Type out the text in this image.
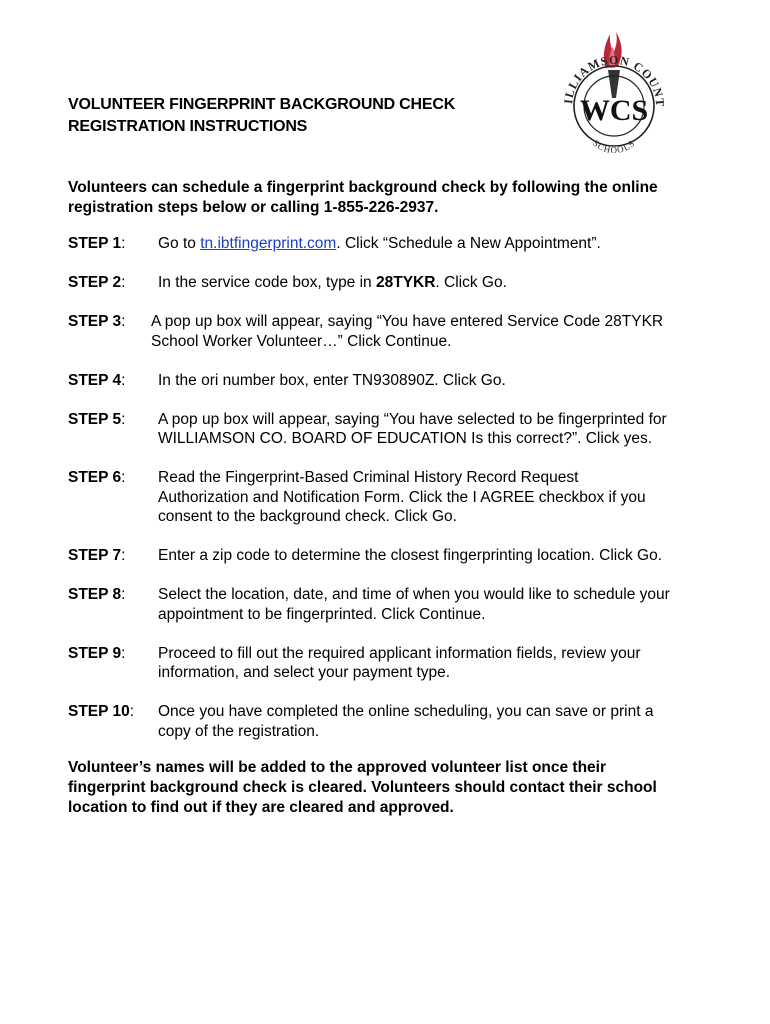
VOLUNTEER FINGERPRINT BACKGROUND CHECK
REGISTRATION INSTRUCTIONS
ILLIAMSON COUNT
SCHOOLS
WCS
Volunteers can schedule a fingerprint background check by following the online registration steps below or calling 1-855-226-2937.
STEP 1:	Go to tn.ibtfingerprint.com. Click “Schedule a New Appointment”.
STEP 2:	In the service code box, type in 28TYKR. Click Go.
STEP 3:	A pop up box will appear, saying “You have entered Service Code 28TYKR
School Worker Volunteer…” Click Continue.
STEP 4:	In the ori number box, enter TN930890Z. Click Go.
STEP 5:	A pop up box will appear, saying “You have selected to be fingerprinted for
WILLIAMSON CO. BOARD OF EDUCATION Is this correct?”. Click yes.
STEP 6:	Read the Fingerprint-Based Criminal History Record Request
Authorization and Notification Form. Click the I AGREE checkbox if you
consent to the background check. Click Go.
STEP 7:	Enter a zip code to determine the closest fingerprinting location. Click Go.
STEP 8:	Select the location, date, and time of when you would like to schedule your
appointment to be fingerprinted. Click Continue.
STEP 9:	Proceed to fill out the required applicant information fields, review your
information, and select your payment type.
STEP 10:	Once you have completed the online scheduling, you can save or print a
copy of the registration.
Volunteer’s names will be added to the approved volunteer list once their
fingerprint background check is cleared. Volunteers should contact their school
location to find out if they are cleared and approved.
